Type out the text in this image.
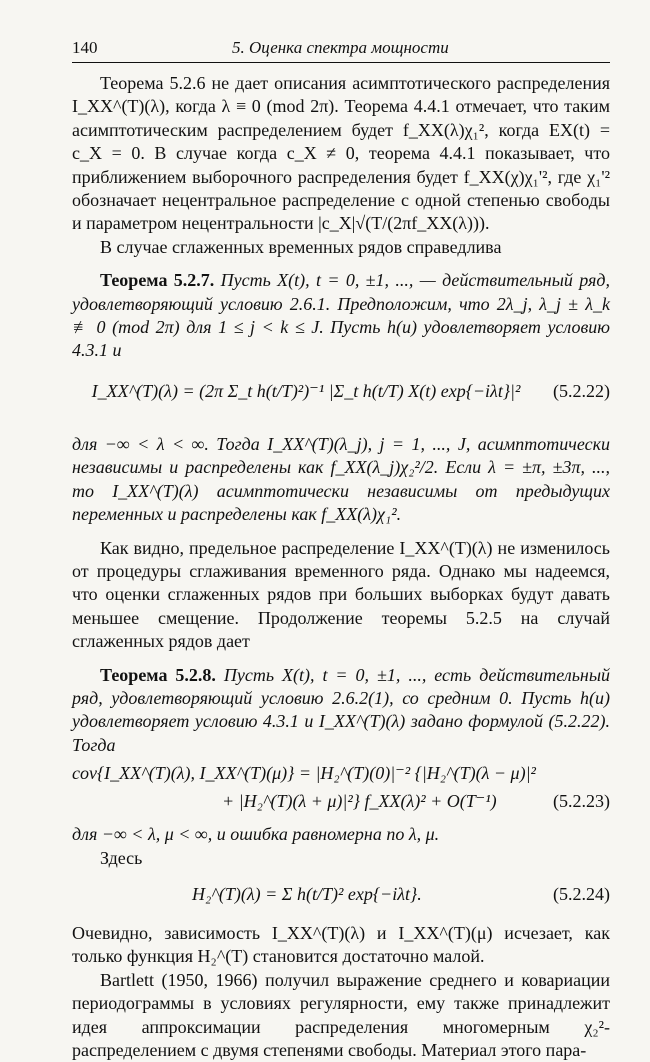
140	5. Оценка спектра мощности

Теорема 5.2.6 не дает описания асимптотического распределения I_XX^(T)(λ), когда λ ≡ 0 (mod 2π). Теорема 4.4.1 отмечает, что таким асимптотическим распределением будет f_XX(λ)χ₁², когда EX(t) = c_X = 0. В случае когда c_X ≠ 0, теорема 4.4.1 показывает, что приближением выборочного распределения будет f_XX(χ)χ₁'², где χ₁'² обозначает нецентральное распределение с одной степенью свободы и параметром нецентральности |c_X|√(T/(2πf_XX(λ))).

В случае сглаженных временных рядов справедлива

Теорема 5.2.7. Пусть X(t), t = 0, ±1, ..., — действительный ряд, удовлетворяющий условию 2.6.1. Предположим, что 2λ_j, λ_j ± λ_k ≢ 0 (mod 2π) для 1 ≤ j < k ≤ J. Пусть h(u) удовлетворяет условию 4.3.1 и

I_XX^(T)(λ) = (2π Σ_t h(t/T)²)⁻¹ |Σ_t h(t/T) X(t) exp{−iλt}|²	(5.2.22)

для −∞ < λ < ∞. Тогда I_XX^(T)(λ_j), j = 1, ..., J, асимптотически независимы и распределены как f_XX(λ_j)χ₂²/2. Если λ = ±π, ±3π, ..., то I_XX^(T)(λ) асимптотически независимы от предыдущих переменных и распределены как f_XX(λ)χ₁².

Как видно, предельное распределение I_XX^(T)(λ) не изменилось от процедуры сглаживания временного ряда. Однако мы надеемся, что оценки сглаженных рядов при больших выборках будут давать меньшее смещение. Продолжение теоремы 5.2.5 на случай сглаженных рядов дает

Теорема 5.2.8. Пусть X(t), t = 0, ±1, ..., есть действительный ряд, удовлетворяющий условию 2.6.2(1), со средним 0. Пусть h(u) удовлетворяет условию 4.3.1 и I_XX^(T)(λ) задано формулой (5.2.22). Тогда

cov{I_XX^(T)(λ), I_XX^(T)(μ)} = |H₂^(T)(0)|⁻² {|H₂^(T)(λ − μ)|²
+ |H₂^(T)(λ + μ)|²} f_XX(λ)² + O(T⁻¹)	(5.2.23)

для −∞ < λ, μ < ∞, и ошибка равномерна по λ, μ.

Здесь

H₂^(T)(λ) = Σ h(t/T)² exp{−iλt}.	(5.2.24)

Очевидно, зависимость I_XX^(T)(λ) и I_XX^(T)(μ) исчезает, как только функция H₂^(T) становится достаточно малой.

Bartlett (1950, 1966) получил выражение среднего и ковариации периодограммы в условиях регулярности, ему также принадлежит идея аппроксимации распределения многомерным χ₂²-распределением с двумя степенями свободы. Материал этого пара-
